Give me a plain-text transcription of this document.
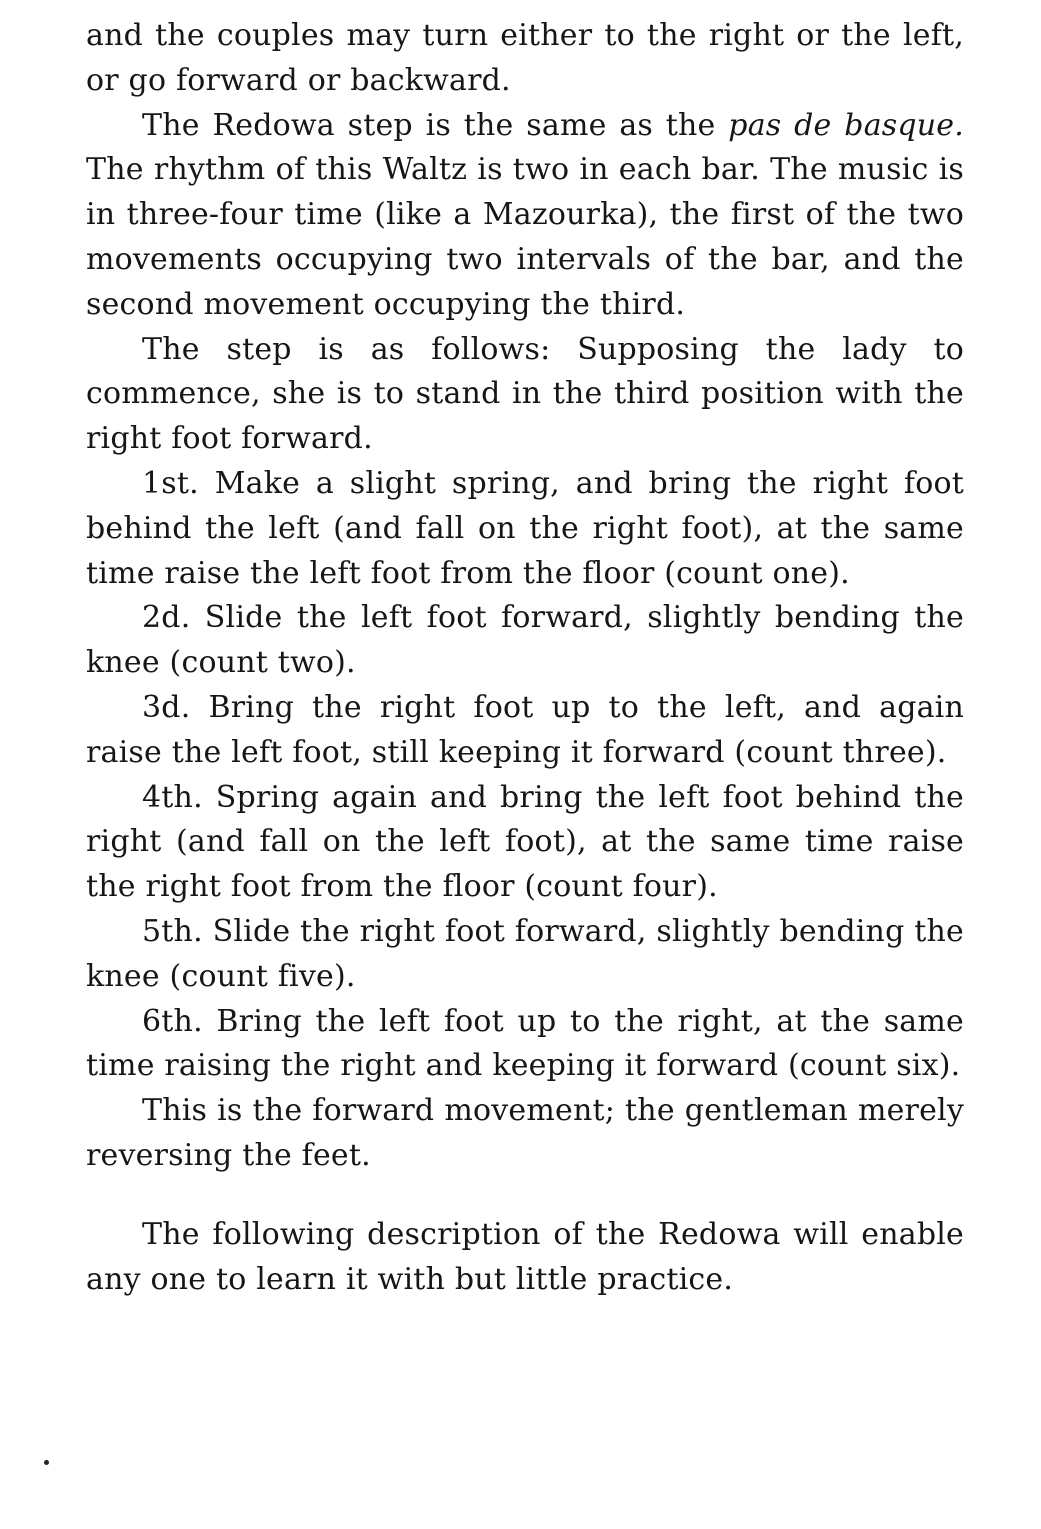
and the couples may turn either to the right or the left, or go forward or backward.

The Redowa step is the same as the pas de basque. The rhythm of this Waltz is two in each bar. The music is in three-four time (like a Mazourka), the first of the two movements occupying two intervals of the bar, and the second movement occupying the third.

The step is as follows: Supposing the lady to commence, she is to stand in the third position with the right foot forward.

1st. Make a slight spring, and bring the right foot behind the left (and fall on the right foot), at the same time raise the left foot from the floor (count one).

2d. Slide the left foot forward, slightly bending the knee (count two).

3d. Bring the right foot up to the left, and again raise the left foot, still keeping it forward (count three).

4th. Spring again and bring the left foot behind the right (and fall on the left foot), at the same time raise the right foot from the floor (count four).

5th. Slide the right foot forward, slightly bending the knee (count five).

6th. Bring the left foot up to the right, at the same time raising the right and keeping it forward (count six).

This is the forward movement; the gentleman merely reversing the feet.

The following description of the Redowa will enable any one to learn it with but little practice.
